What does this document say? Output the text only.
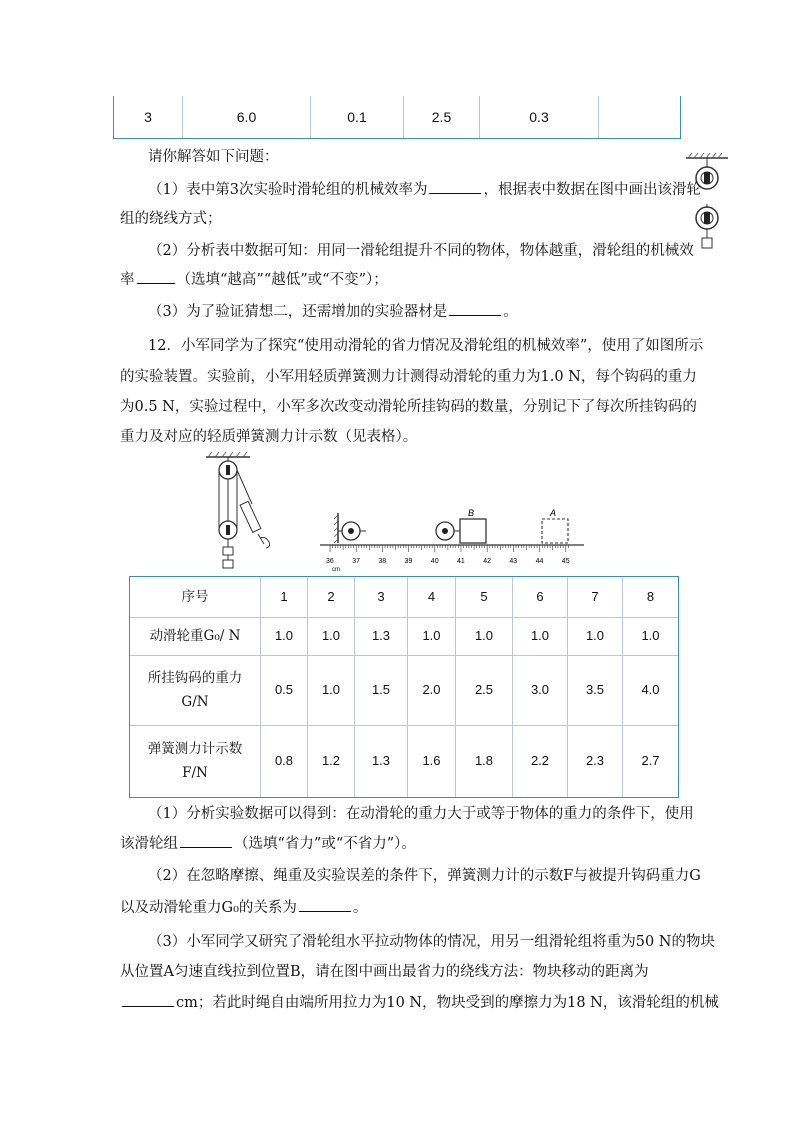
3	6.0	0.1	2.5	0.3
请你解答如下问题：
（1）表中第3次实验时滑轮组的机械效率为	，根据表中数据在图中画出该滑轮
组的绕线方式；
（2）分析表中数据可知：用同一滑轮组提升不同的物体，物体越重，滑轮组的机械效
率	（选填“越高”“越低”或“不变”）；
（3）为了验证猜想二，还需增加的实验器材是	。
12．小军同学为了探究“使用动滑轮的省力情况及滑轮组的机械效率”，使用了如图所示
的实验装置。实验前，小军用轻质弹簧测力计测得动滑轮的重力为1.0 N，每个钩码的重力
为0.5 N，实验过程中，小军多次改变动滑轮所挂钩码的数量，分别记下了每次所挂钩码的
重力及对应的轻质弹簧测力计示数（见表格）。
B	A
36	37	38	39	40	41	42	43	44	45
cm
序号	1	2	3	4	5	6	7	8
动滑轮重G₀/ N	1.0	1.0	1.3	1.0	1.0	1.0	1.0	1.0
所挂钩码的重力G/N
0.5	1.0	1.5	2.0	2.5	3.0	3.5	4.0
弹簧测力计示数F/N
0.8	1.2	1.3	1.6	1.8	2.2	2.3	2.7
（1）分析实验数据可以得到：在动滑轮的重力大于或等于物体的重力的条件下，使用
该滑轮组	（选填“省力”或“不省力”）。
（2）在忽略摩擦、绳重及实验误差的条件下，弹簧测力计的示数F与被提升钩码重力G
以及动滑轮重力G₀的关系为	。
（3）小军同学又研究了滑轮组水平拉动物体的情况，用另一组滑轮组将重为50 N的物块
从位置A匀速直线拉到位置B，请在图中画出最省力的绕线方法：物块移动的距离为
cm；若此时绳自由端所用拉力为10 N，物块受到的摩擦力为18 N，该滑轮组的机械
